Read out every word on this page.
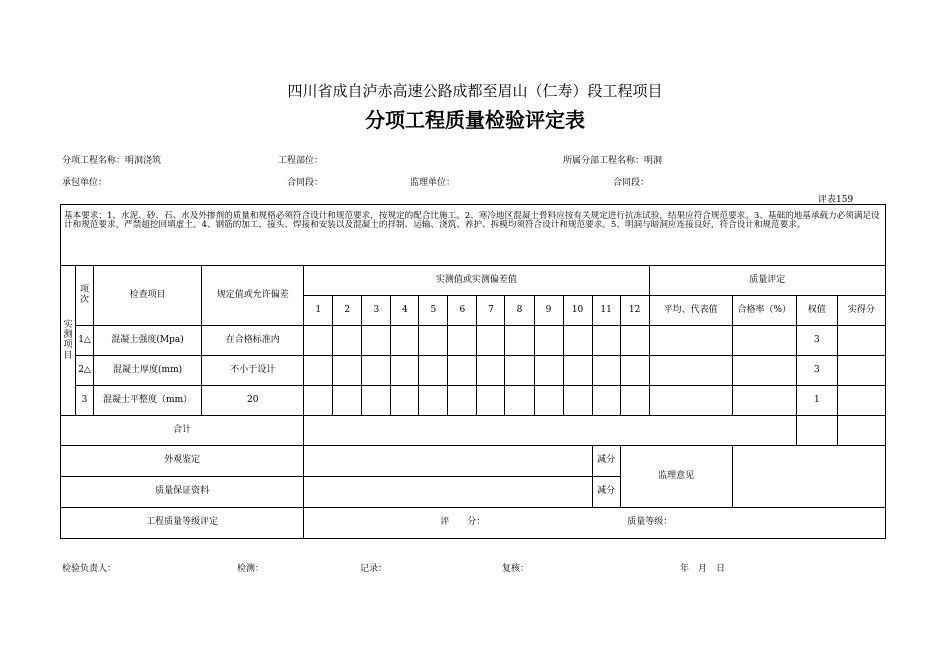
四川省成自泸赤高速公路成都至眉山（仁寿）段工程项目
分项工程质量检验评定表
分项工程名称：明洞浇筑	工程部位：	所属分部工程名称：明洞
承包单位：	合同段：	监理单位：	合同段：
评表159
基本要求：1、水泥、砂、石、水及外掺剂的质量和规格必须符合设计和规范要求，按规定的配合比施工。2、寒冷地区混凝土骨料应按有关规定进行抗冻试验，结果应符合规范要求。3、基础的地基承载力必须满足设计和规范要求，严禁超挖回填虚土。4、钢筋的加工、接头、焊接和安装以及混凝土的拌制、运输、浇筑、养护、拆模均须符合设计和规范要求。5、明洞与暗洞应连接良好，符合设计和规范要求。																			
实测项目	项次	检查项目	规定值或允许偏差	实测值或实测偏差值												质量评定			
				1	2	3	4	5	6	7	8	9	10	11	12	平均、代表值	合格率（%）	权值	实得分
	1△	混凝土强度(Mpa)	在合格标准内															3	
	2△	混凝土厚度(mm)	不小于设计															3	
	3	混凝土平整度（mm）	20															1	
合计																			
外观鉴定														减分	监理意见				
质量保证资料														减分					
工程质量等级评定				评　　分： 质量等级：															
检验负责人：	检测：	记录：	复核：	年　月　日
